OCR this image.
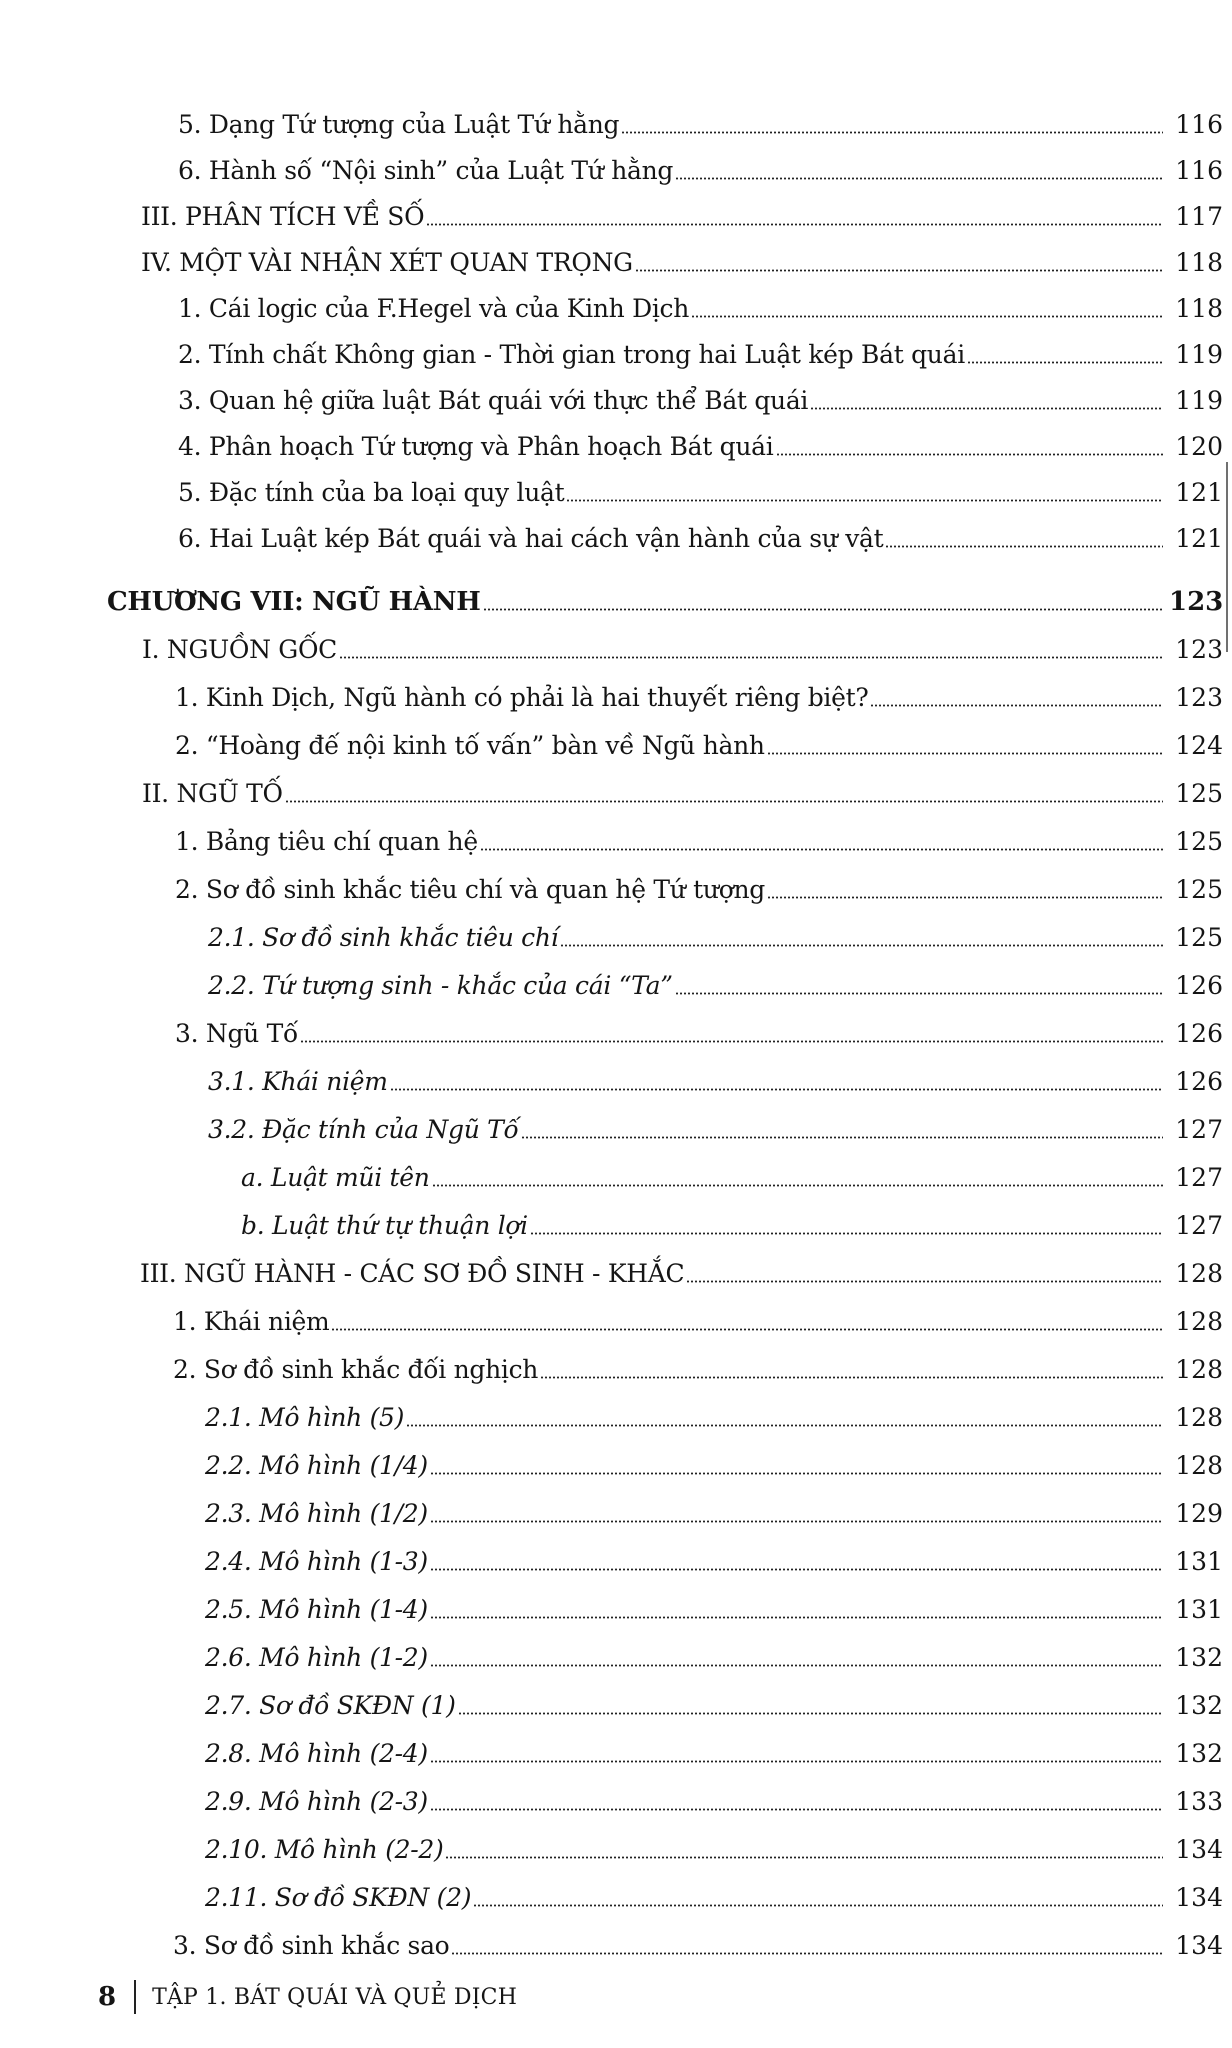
5. Dạng Tứ tượng của Luật Tứ hằng	116
6. Hành số “Nội sinh” của Luật Tứ hằng	116
III. PHÂN TÍCH VỀ SỐ	117
IV. MỘT VÀI NHẬN XÉT QUAN TRỌNG	118
1. Cái logic của F.Hegel và của Kinh Dịch	118
2. Tính chất Không gian - Thời gian trong hai Luật kép Bát quái	119
3. Quan hệ giữa luật Bát quái với thực thể Bát quái	119
4. Phân hoạch Tứ tượng và Phân hoạch Bát quái	120
5. Đặc tính của ba loại quy luật	121
6. Hai Luật kép Bát quái và hai cách vận hành của sự vật	121
CHƯƠNG VII: NGŨ HÀNH	123
I. NGUỒN GỐC	123
1. Kinh Dịch, Ngũ hành có phải là hai thuyết riêng biệt?	123
2. “Hoàng đế nội kinh tố vấn” bàn về Ngũ hành	124
II. NGŨ TỐ	125
1. Bảng tiêu chí quan hệ	125
2. Sơ đồ sinh khắc tiêu chí và quan hệ Tứ tượng	125
2.1. Sơ đồ sinh khắc tiêu chí	125
2.2. Tứ tượng sinh - khắc của cái “Ta”	126
3. Ngũ Tố	126
3.1. Khái niệm	126
3.2. Đặc tính của Ngũ Tố	127
a. Luật mũi tên	127
b. Luật thứ tự thuận lợi	127
III. NGŨ HÀNH - CÁC SƠ ĐỒ SINH - KHẮC	128
1. Khái niệm	128
2. Sơ đồ sinh khắc đối nghịch	128
2.1. Mô hình (5)	128
2.2. Mô hình (1/4)	128
2.3. Mô hình (1/2)	129
2.4. Mô hình (1-3)	131
2.5. Mô hình (1-4)	131
2.6. Mô hình (1-2)	132
2.7. Sơ đồ SKĐN (1)	132
2.8. Mô hình (2-4)	132
2.9. Mô hình (2-3)	133
2.10. Mô hình (2-2)	134
2.11. Sơ đồ SKĐN (2)	134
3. Sơ đồ sinh khắc sao	134
8 TẬP 1. BÁT QUÁI VÀ QUẺ DỊCH
